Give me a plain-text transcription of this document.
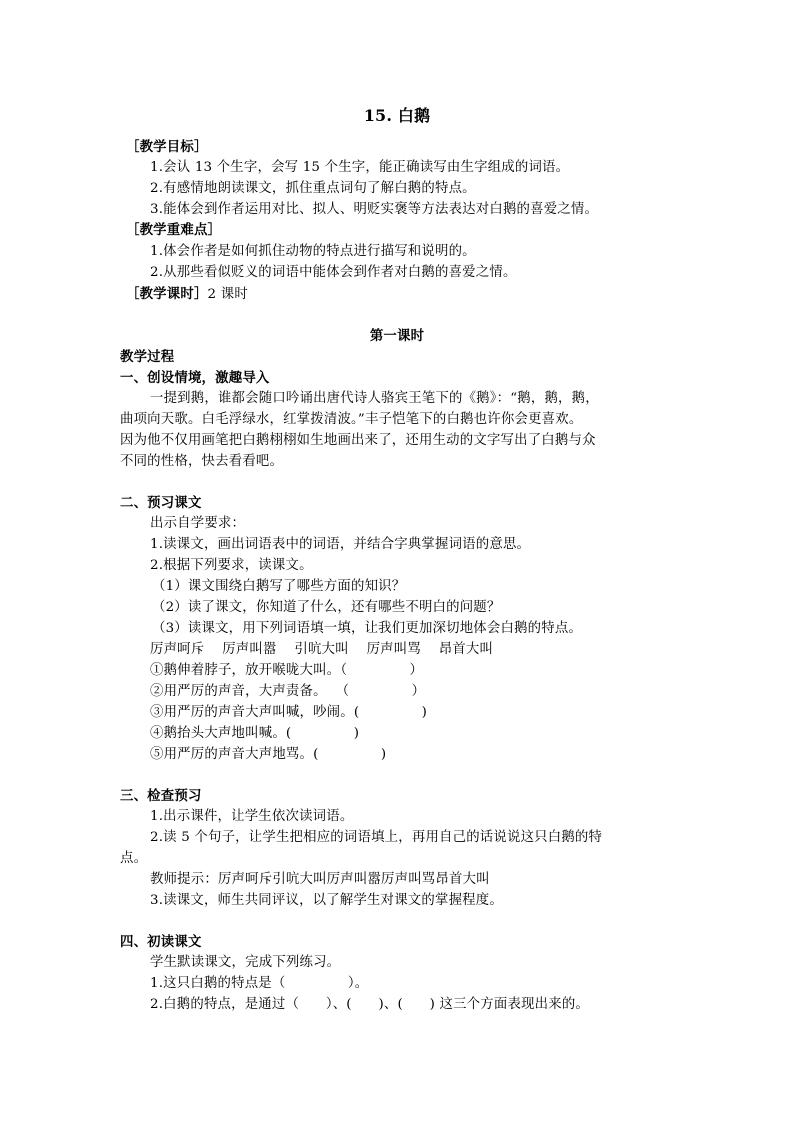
15. 白鹅
［教学目标］
1.会认 13 个生字，会写 15 个生字，能正确读写由生字组成的词语。
2.有感情地朗读课文，抓住重点词句了解白鹅的特点。
3.能体会到作者运用对比、拟人、明贬实褒等方法表达对白鹅的喜爱之情。
［教学重难点］
1.体会作者是如何抓住动物的特点进行描写和说明的。
2.从那些看似贬义的词语中能体会到作者对白鹅的喜爱之情。
［教学课时］2 课时
第一课时
教学过程
一、创设情境，激趣导入
一提到鹅，谁都会随口吟诵出唐代诗人骆宾王笔下的《鹅》：“鹅，鹅，鹅，
曲项向天歌。白毛浮绿水，红掌拨清波。”丰子恺笔下的白鹅也许你会更喜欢。
因为他不仅用画笔把白鹅栩栩如生地画出来了，还用生动的文字写出了白鹅与众
不同的性格，快去看看吧。
二、预习课文
出示自学要求：
1.读课文，画出词语表中的词语，并结合字典掌握词语的意思。
2.根据下列要求，读课文。
（1）课文围绕白鹅写了哪些方面的知识？
（2）读了课文，你知道了什么，还有哪些不明白的问题？
（3）读课文，用下列词语填一填，让我们更加深切地体会白鹅的特点。
厉声呵斥    厉声叫嚣    引吭大叫    厉声叫骂    昂首大叫
①鹅伸着脖子，放开喉咙大叫。（              ）
②用严厉的声音，大声责备。  （              ）
③用严厉的声音大声叫喊，吵闹。(              )
④鹅抬头大声地叫喊。(              )
⑤用严厉的声音大声地骂。(              )
三、检查预习
1.出示课件，让学生依次读词语。
2.读 5 个句子，让学生把相应的词语填上，再用自己的话说说这只白鹅的特
点。
教师提示：厉声呵斥引吭大叫厉声叫嚣厉声叫骂昂首大叫
3.读课文，师生共同评议，以了解学生对课文的掌握程度。
四、初读课文
学生默读课文，完成下列练习。
1.这只白鹅的特点是（              ）。
2.白鹅的特点，是通过（      ）、(      )、(      ) 这三个方面表现出来的。
